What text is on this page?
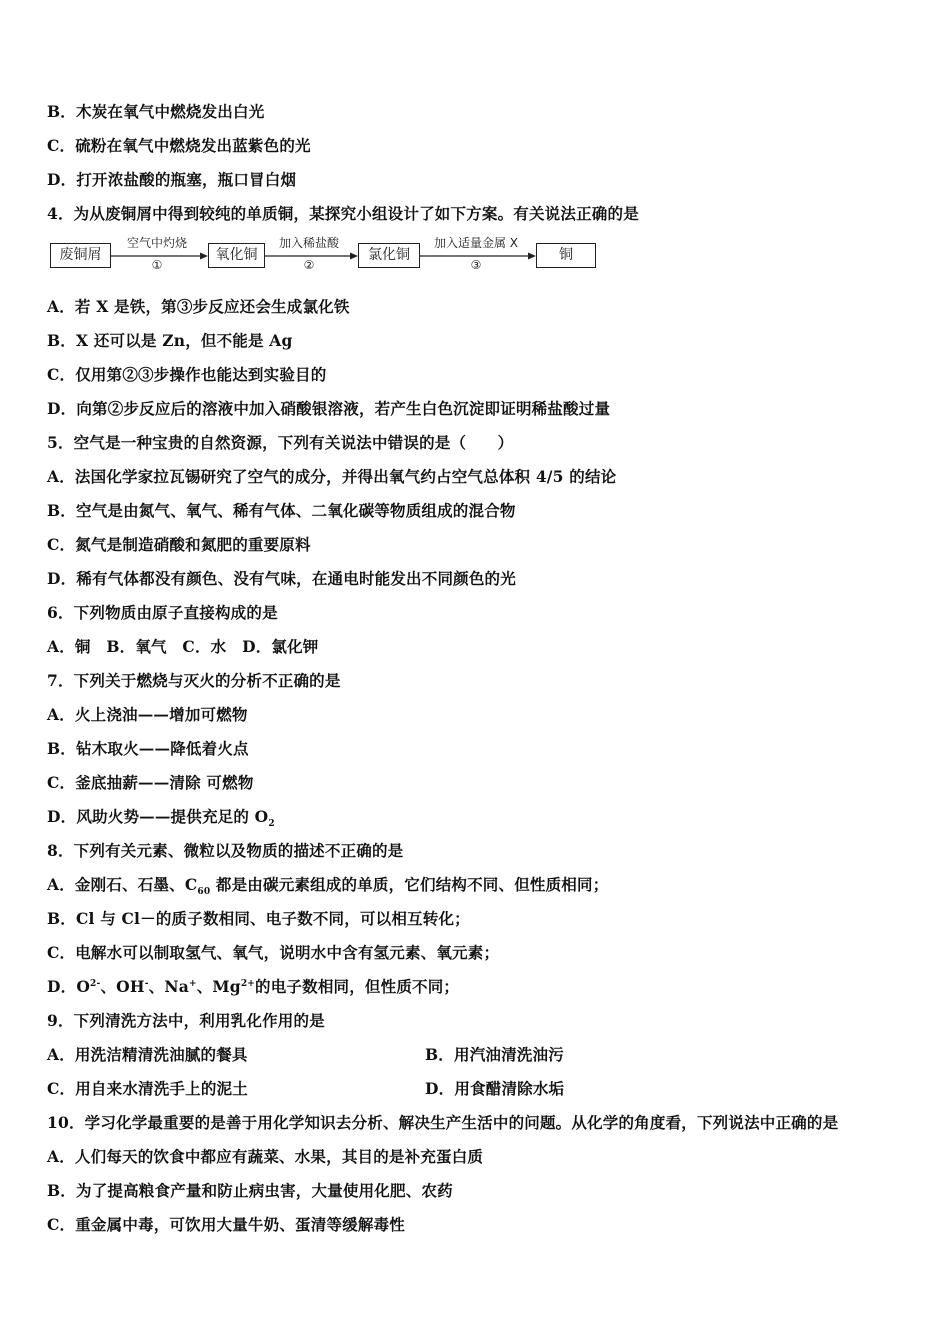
B．木炭在氧气中燃烧发出白光
C．硫粉在氧气中燃烧发出蓝紫色的光
D．打开浓盐酸的瓶塞，瓶口冒白烟
4．为从废铜屑中得到较纯的单质铜，某探究小组设计了如下方案。有关说法正确的是
废铜屑	氧化铜	氯化铜	铜
空气中灼烧
①
加入稀盐酸
②
加入适量金属 X
③
A．若 X 是铁，第③步反应还会生成氯化铁
B．X 还可以是 Zn，但不能是 Ag
C．仅用第②③步操作也能达到实验目的
D．向第②步反应后的溶液中加入硝酸银溶液，若产生白色沉淀即证明稀盐酸过量
5．空气是一种宝贵的自然资源，下列有关说法中错误的是（　　）
A．法国化学家拉瓦锡研究了空气的成分，并得出氧气约占空气总体积 4/5 的结论
B．空气是由氮气、氧气、稀有气体、二氧化碳等物质组成的混合物
C．氮气是制造硝酸和氮肥的重要原料
D．稀有气体都没有颜色、没有气味，在通电时能发出不同颜色的光
6．下列物质由原子直接构成的是
A．铜　B．氧气　C．水　D．氯化钾
7．下列关于燃烧与灭火的分析不正确的是
A．火上浇油——增加可燃物
B．钻木取火——降低着火点
C．釜底抽薪——清除 可燃物
D．风助火势——提供充足的 $O_2$
8．下列有关元素、微粒以及物质的描述不正确的是
A．金刚石、石墨、$C_{60}$ 都是由碳元素组成的单质，它们结构不同、但性质相同；
B．Cl 与 Cl－的质子数相同、电子数不同，可以相互转化；
C．电解水可以制取氢气、氧气，说明水中含有氢元素、氧元素；
D．$O^{2-}$、OH-、Na+、$Mg^{2+}$的电子数相同，但性质不同；
9．下列清洗方法中，利用乳化作用的是
A．用洗洁精清洗油腻的餐具	B．用汽油清洗油污
C．用自来水清洗手上的泥土	D．用食醋清除水垢
10．学习化学最重要的是善于用化学知识去分析、解决生产生活中的问题。从化学的角度看，下列说法中正确的是
A．人们每天的饮食中都应有蔬菜、水果，其目的是补充蛋白质
B．为了提高粮食产量和防止病虫害，大量使用化肥、农药
C．重金属中毒，可饮用大量牛奶、蛋清等缓解毒性
